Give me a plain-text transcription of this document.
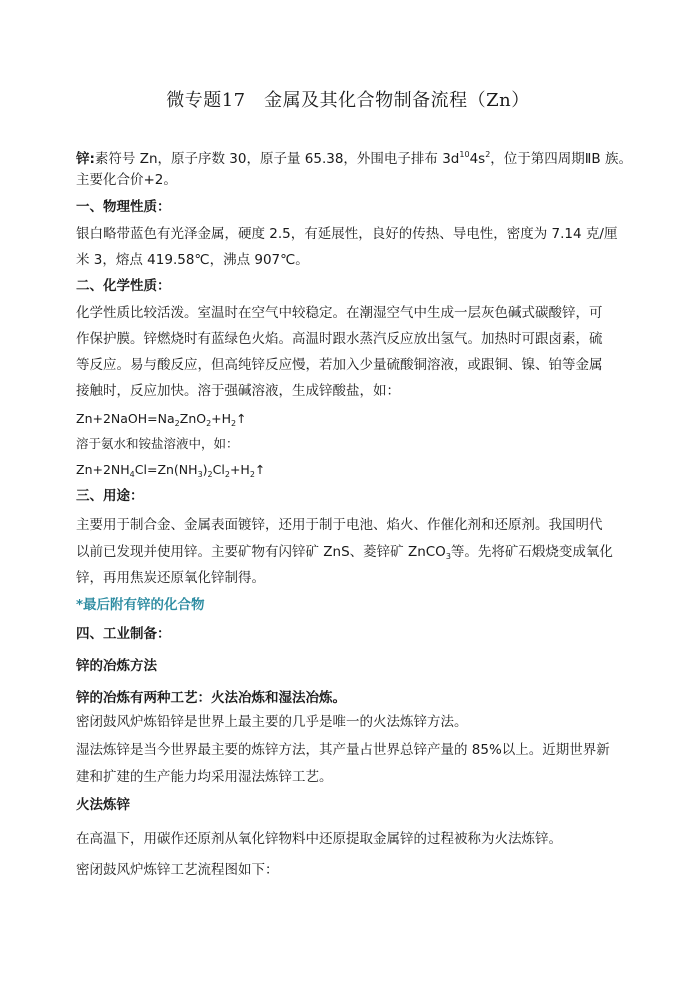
微专题17　金属及其化合物制备流程（Zn）
锌:素符号 Zn，原子序数 30，原子量 65.38，外围电子排布 $3d^{10}4s^2$，位于第四周期ⅡB 族。
主要化合价+2。
一、物理性质：
银白略带蓝色有光泽金属，硬度 2.5，有延展性，良好的传热、导电性，密度为 7.14 克/厘
米 3，熔点 419.58℃，沸点 907℃。
二、化学性质：
化学性质比较活泼。室温时在空气中较稳定。在潮湿空气中生成一层灰色碱式碳酸锌，可
作保护膜。锌燃烧时有蓝绿色火焰。高温时跟水蒸汽反应放出氢气。加热时可跟卤素，硫
等反应。易与酸反应，但高纯锌反应慢，若加入少量硫酸铜溶液，或跟铜、镍、铂等金属
接触时，反应加快。溶于强碱溶液，生成锌酸盐，如：
$Zn+2NaOH=Na_2ZnO_2+H_2↑$
溶于氨水和铵盐溶液中，如：
$Zn+2NH_4Cl=Zn(NH_3)_2Cl_2+H_2↑$
三、用途：
主要用于制合金、金属表面镀锌，还用于制于电池、焰火、作催化剂和还原剂。我国明代
以前已发现并使用锌。主要矿物有闪锌矿 ZnS、菱锌矿 ZnCO$_3$等。先将矿石煅烧变成氧化
锌，再用焦炭还原氧化锌制得。
*最后附有锌的化合物
四、工业制备：
锌的冶炼方法
锌的冶炼有两种工艺：火法冶炼和湿法冶炼。
密闭鼓风炉炼铅锌是世界上最主要的几乎是唯一的火法炼锌方法。
湿法炼锌是当今世界最主要的炼锌方法，其产量占世界总锌产量的 85%以上。近期世界新
建和扩建的生产能力均采用湿法炼锌工艺。
火法炼锌
在高温下，用碳作还原剂从氧化锌物料中还原提取金属锌的过程被称为火法炼锌。
密闭鼓风炉炼锌工艺流程图如下：
